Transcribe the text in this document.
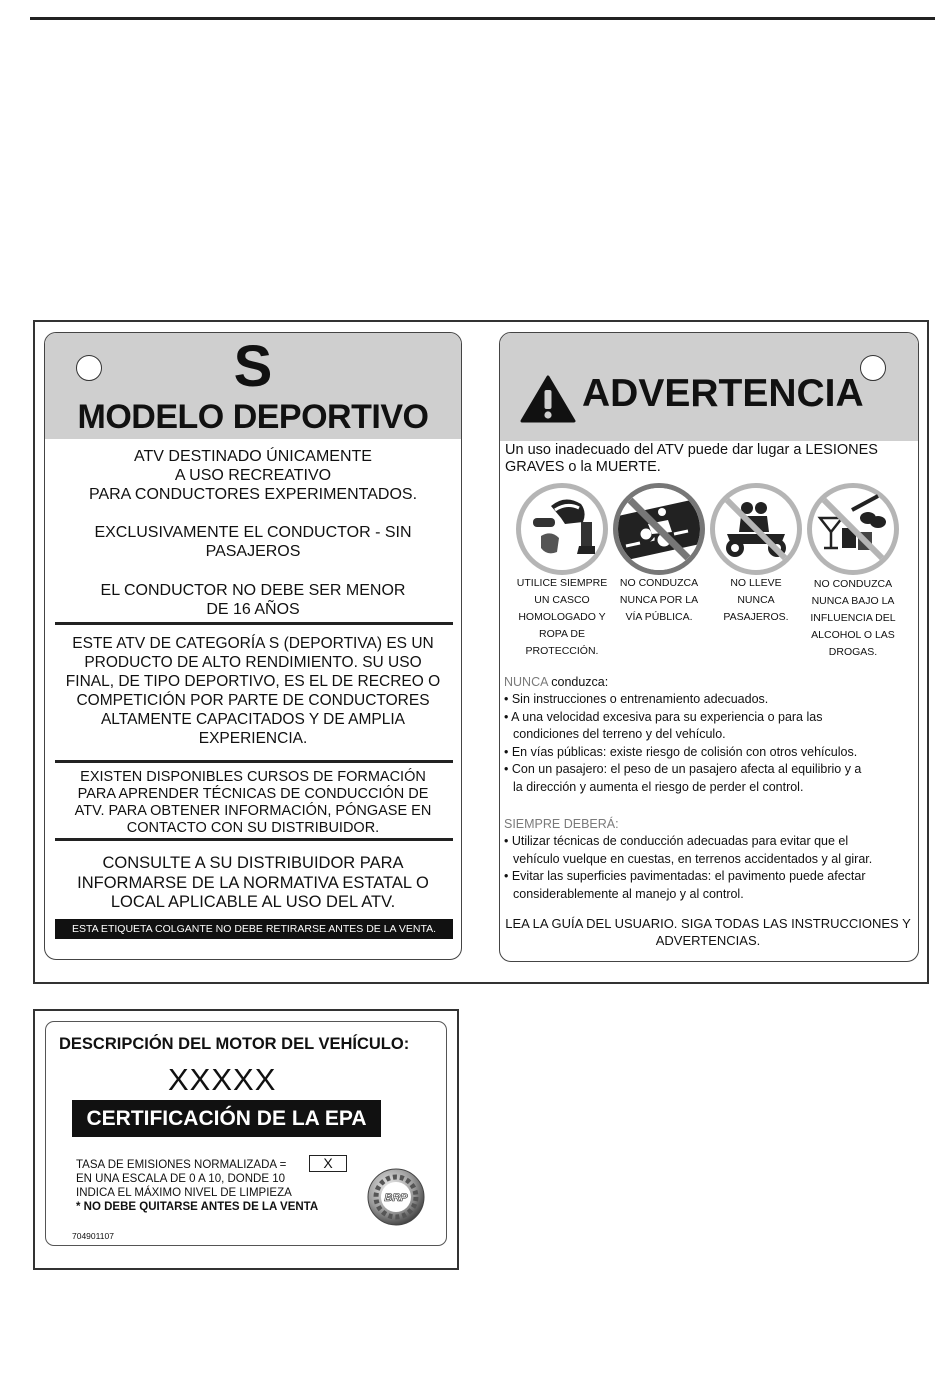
S
MODELO DEPORTIVO
ATV DESTINADO ÚNICAMENTE
A USO RECREATIVO
PARA CONDUCTORES EXPERIMENTADOS.
EXCLUSIVAMENTE EL CONDUCTOR - SIN
PASAJEROS
EL CONDUCTOR NO DEBE SER MENOR
DE 16 AÑOS
ESTE ATV DE CATEGORÍA S (DEPORTIVA) ES UN
PRODUCTO DE ALTO RENDIMIENTO. SU USO
FINAL, DE TIPO DEPORTIVO, ES EL DE RECREO O
COMPETICIÓN POR PARTE DE CONDUCTORES
ALTAMENTE CAPACITADOS Y DE AMPLIA
EXPERIENCIA.
EXISTEN DISPONIBLES CURSOS DE FORMACIÓN
PARA APRENDER TÉCNICAS DE CONDUCCIÓN DE
ATV. PARA OBTENER INFORMACIÓN, PÓNGASE EN
CONTACTO CON SU DISTRIBUIDOR.
CONSULTE A SU DISTRIBUIDOR PARA
INFORMARSE DE LA NORMATIVA ESTATAL O
LOCAL APLICABLE AL USO DEL ATV.
ESTA ETIQUETA COLGANTE NO DEBE RETIRARSE ANTES DE LA VENTA.
ADVERTENCIA
Un uso inadecuado del ATV puede dar lugar a LESIONES
GRAVES o la MUERTE.
UTILICE SIEMPRE
UN CASCO
HOMOLOGADO Y
ROPA DE
PROTECCIÓN.
NO CONDUZCA
NUNCA POR LA
VÍA PÚBLICA.
NO LLEVE
NUNCA
PASAJEROS.
NO CONDUZCA
NUNCA BAJO LA
INFLUENCIA DEL
ALCOHOL O LAS
DROGAS.
NUNCA conduzca:
• Sin instrucciones o entrenamiento adecuados.
• A una velocidad excesiva para su experiencia o para las
condiciones del terreno y del vehículo.
• En vías públicas: existe riesgo de colisión con otros vehículos.
• Con un pasajero: el peso de un pasajero afecta al equilibrio y a
la dirección y aumenta el riesgo de perder el control.
SIEMPRE DEBERÁ:
• Utilizar técnicas de conducción adecuadas para evitar que el
vehículo vuelque en cuestas, en terrenos accidentados y al girar.
• Evitar las superficies pavimentadas: el pavimento puede afectar
considerablemente al manejo y al control.
LEA LA GUÍA DEL USUARIO. SIGA TODAS LAS INSTRUCCIONES Y
ADVERTENCIAS.
DESCRIPCIÓN DEL MOTOR DEL VEHÍCULO:
XXXXX
CERTIFICACIÓN DE LA EPA
TASA DE EMISIONES NORMALIZADA =	X
EN UNA ESCALA DE 0 A 10, DONDE 10
INDICA EL MÁXIMO NIVEL DE LIMPIEZA
* NO DEBE QUITARSE ANTES DE LA VENTA
704901107
BRP
